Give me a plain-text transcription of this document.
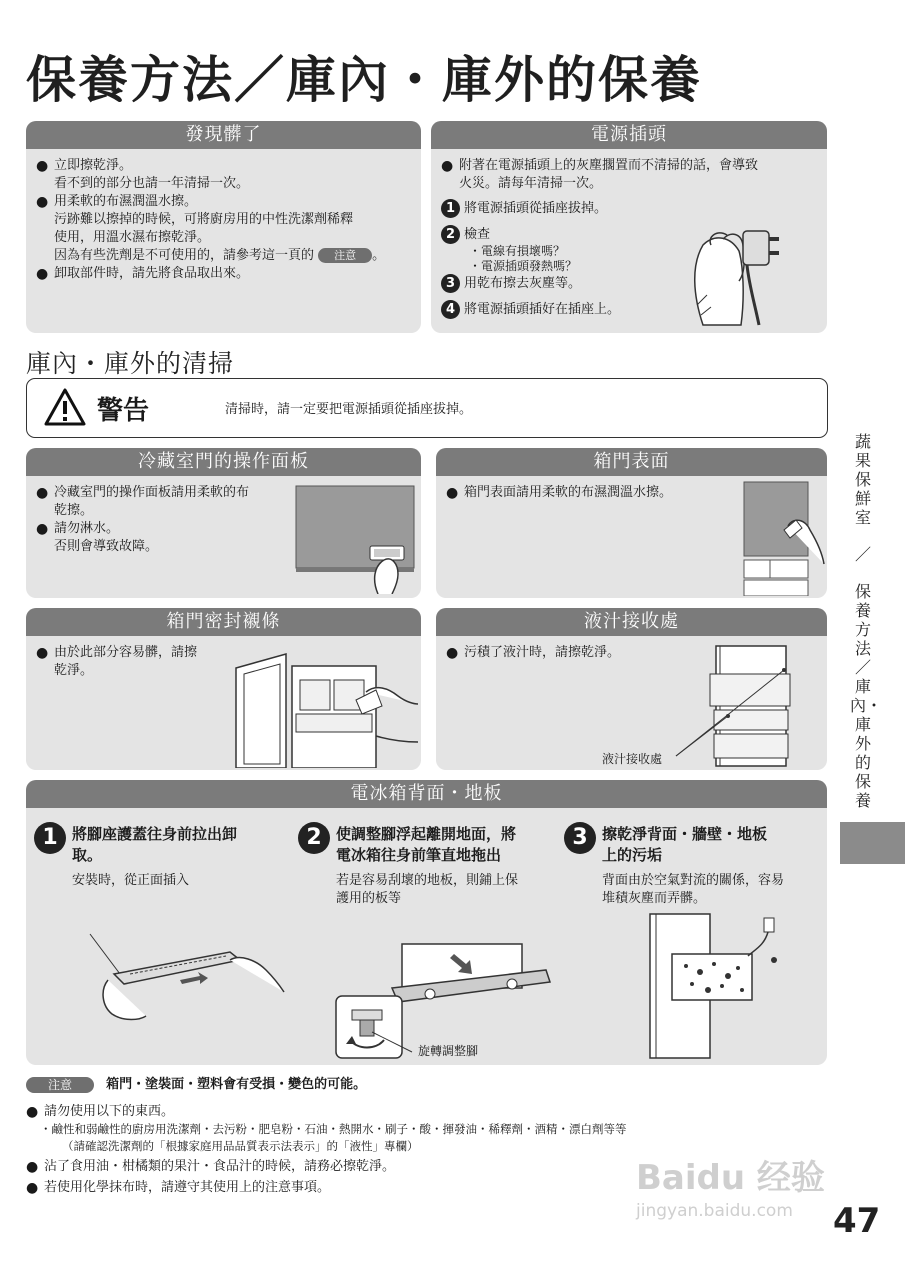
保養方法／庫內・庫外的保養
發現髒了
● 立即擦乾淨。
看不到的部分也請一年清掃一次。
● 用柔軟的布濕潤溫水擦。
污跡難以擦掉的時候，可將廚房用的中性洗潔劑稀釋
使用，用溫水濕布擦乾淨。
因為有些洗劑是不可使用的，請參考這一頁的 注意 。
● 卸取部件時，請先將食品取出來。
電源插頭
● 附著在電源插頭上的灰塵擱置而不清掃的話，會導致
火災。請每年清掃一次。
1 將電源插頭從插座拔掉。
2 檢查
・電線有損壞嗎？
・電源插頭發熱嗎？
3 用乾布擦去灰塵等。
4 將電源插頭插好在插座上。
庫內・庫外的清掃
警告	清掃時，請一定要把電源插頭從插座拔掉。
冷藏室門的操作面板
● 冷藏室門的操作面板請用柔軟的布
乾擦。
● 請勿淋水。
否則會導致故障。
箱門表面
● 箱門表面請用柔軟的布濕潤溫水擦。
箱門密封襯條
● 由於此部分容易髒，請擦
乾淨。
液汁接收處
● 污積了液汁時，請擦乾淨。
液汁接收處
電冰箱背面・地板
1 將腳座護蓋往身前拉出卸
取。
安裝時，從正面插入
2 使調整腳浮起離開地面，將
電冰箱往身前筆直地拖出
若是容易刮壞的地板，則鋪上保
護用的板等
3 擦乾淨背面・牆壁・地板
上的污垢
背面由於空氣對流的關係，容易
堆積灰塵而弄髒。
旋轉調整腳
注意	箱門・塗裝面・塑料會有受損・變色的可能。
● 請勿使用以下的東西。
・鹼性和弱鹼性的廚房用洗潔劑・去污粉・肥皂粉・石油・熱開水・刷子・酸・揮發油・稀釋劑・酒精・漂白劑等等
（請確認洗潔劑的「根據家庭用品品質表示法表示」的「液性」專欄）
● 沾了食用油・柑橘類的果汁・食品汁的時候，請務必擦乾淨。
● 若使用化學抹布時，請遵守其使用上的注意事項。
蔬果保鮮室
／
保養方法／庫內・庫外的保養
Baidu 经验
jingyan.baidu.com	47
